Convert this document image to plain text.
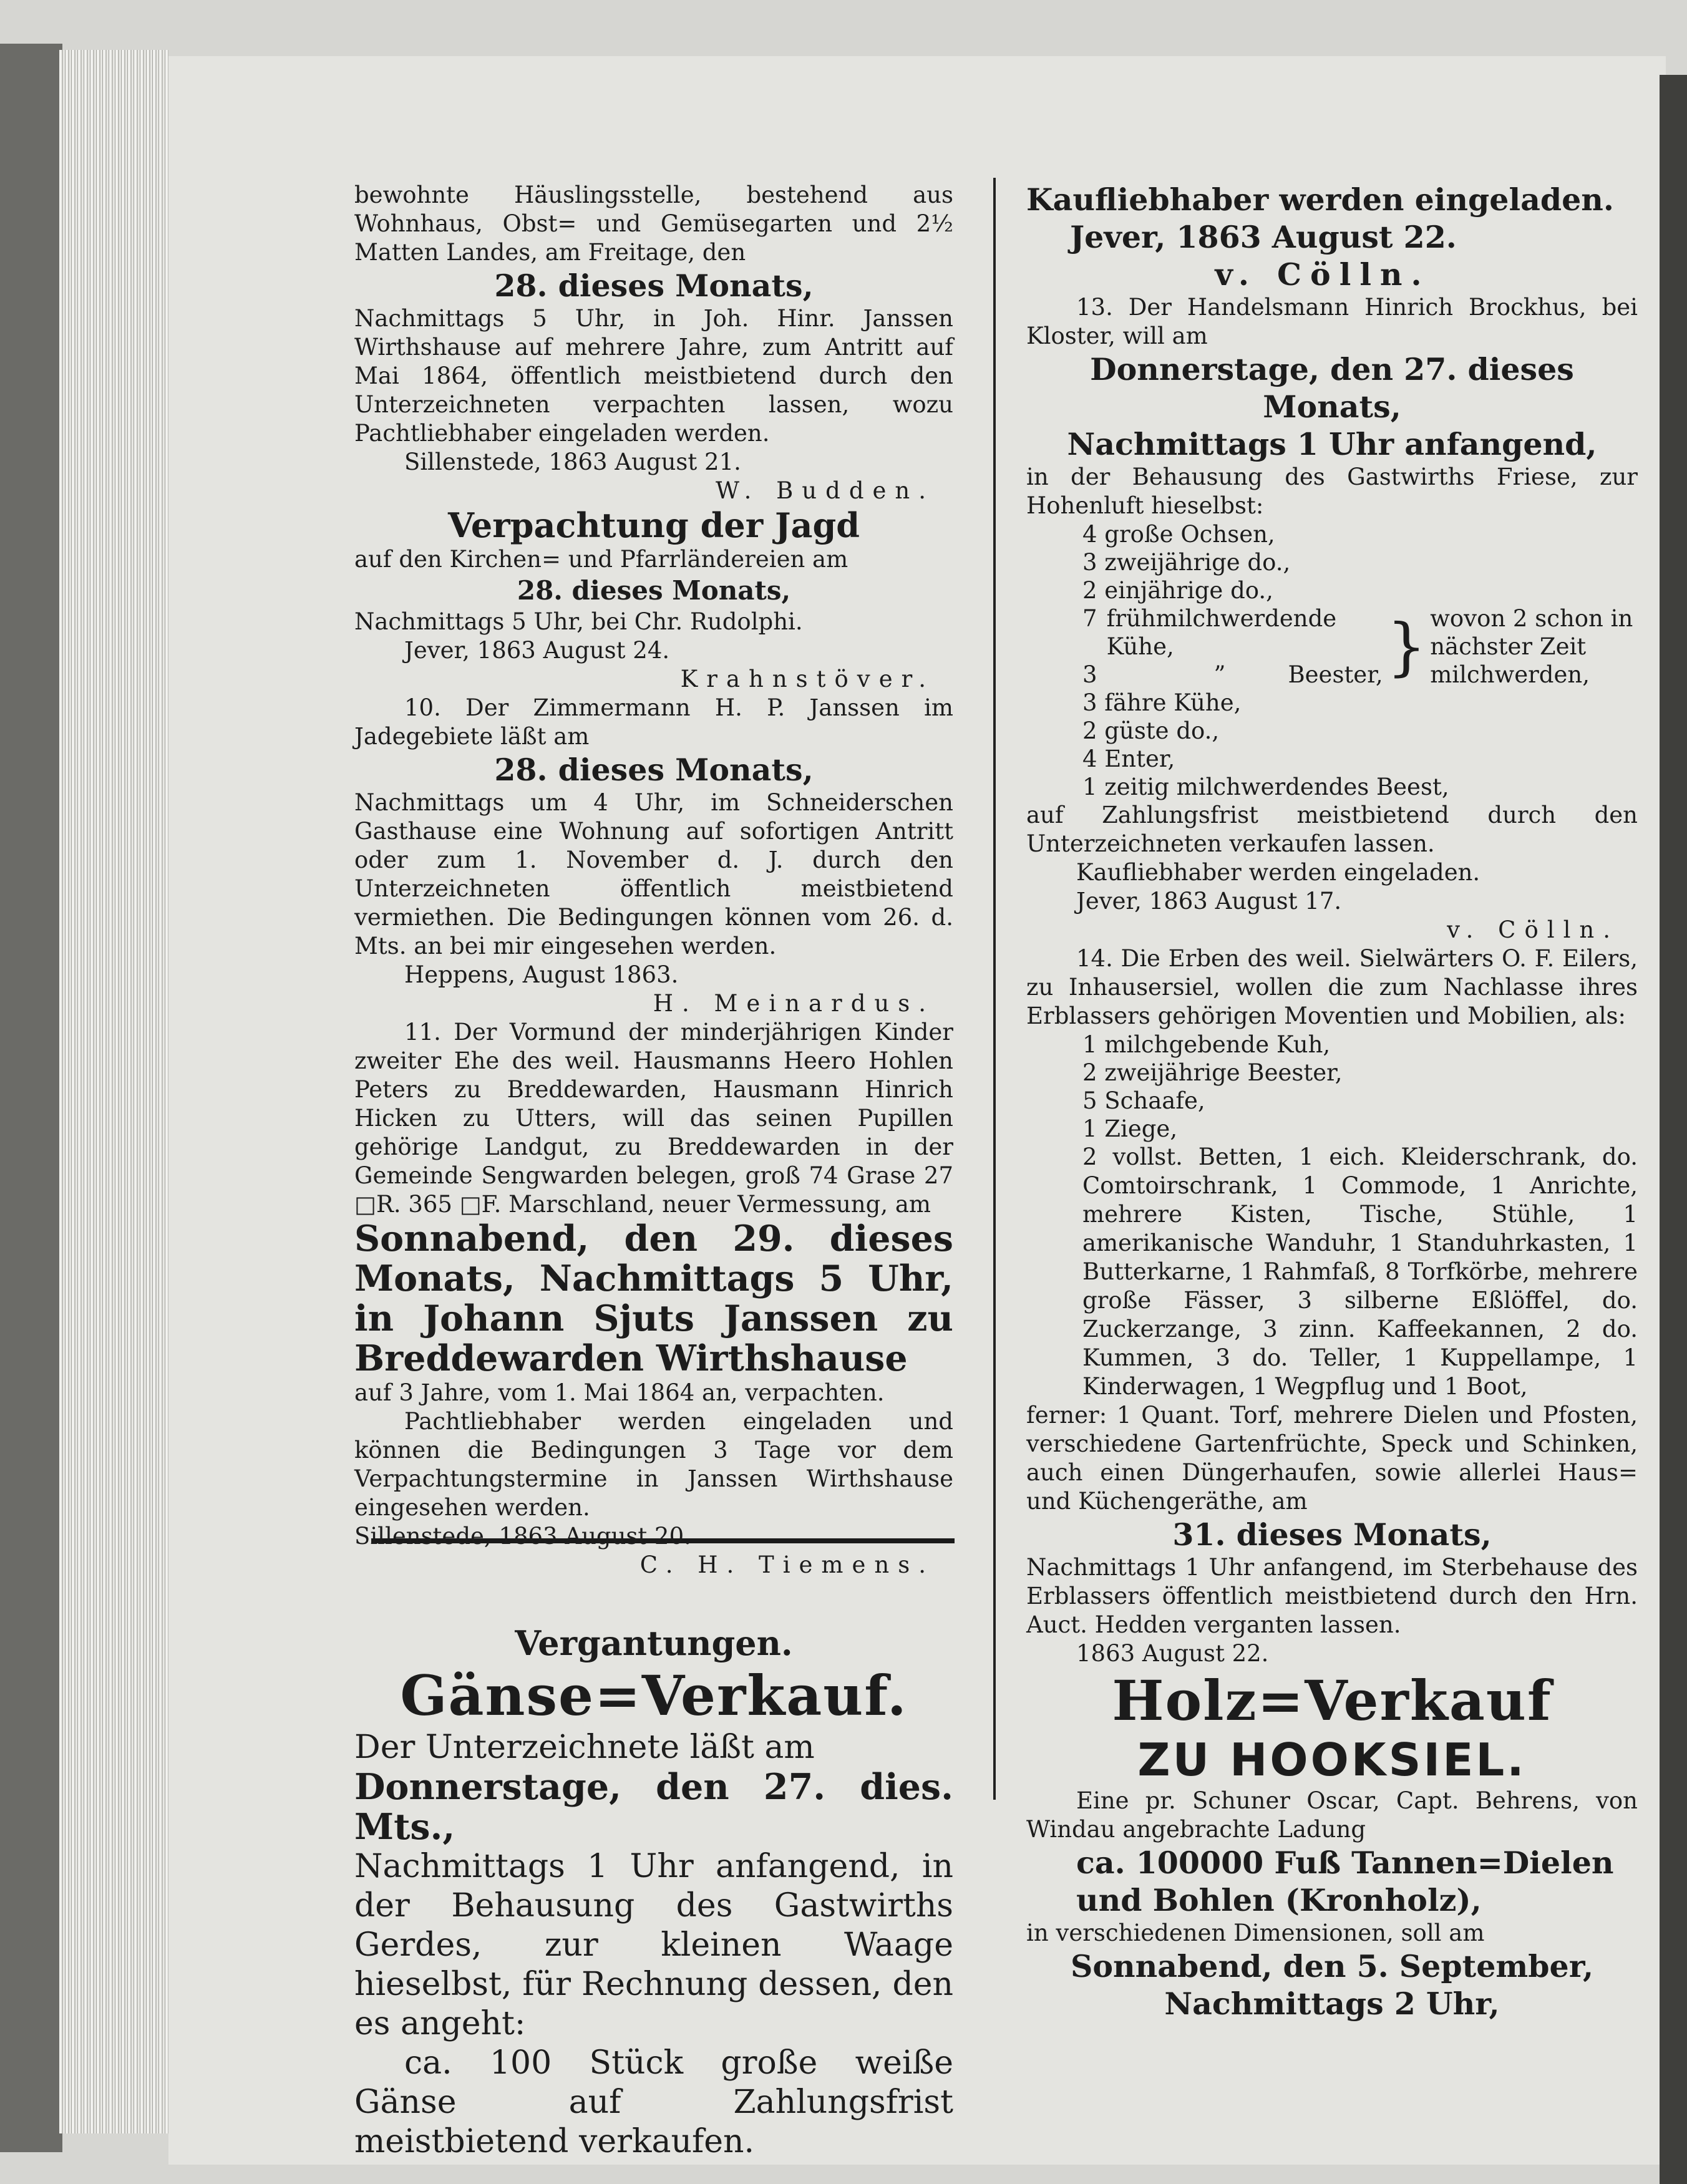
bewohnte Häuslingsstelle, bestehend aus Wohnhaus, Obst= und Gemüsegarten und 2½ Matten Landes, am Freitage, den

28. dieses Monats,

Nachmittags 5 Uhr, in Joh. Hinr. Janssen Wirthshause auf mehrere Jahre, zum Antritt auf Mai 1864, öffentlich meistbietend durch den Unterzeichneten verpachten lassen, wozu Pachtliebhaber eingeladen werden.

Sillenstede, 1863 August 21.

W. Budden.

Verpachtung der Jagd

auf den Kirchen= und Pfarrländereien am

28. dieses Monats,

Nachmittags 5 Uhr, bei Chr. Rudolphi.

Jever, 1863 August 24.

Krahnstöver.

10. Der Zimmermann H. P. Janssen im Jadegebiete läßt am

28. dieses Monats,

Nachmittags um 4 Uhr, im Schneiderschen Gasthause eine Wohnung auf sofortigen Antritt oder zum 1. November d. J. durch den Unterzeichneten öffentlich meistbietend vermiethen. Die Bedingungen können vom 26. d. Mts. an bei mir eingesehen werden.

Heppens, August 1863.

H. Meinardus.

11. Der Vormund der minderjährigen Kinder zweiter Ehe des weil. Hausmanns Heero Hohlen Peters zu Breddewarden, Hausmann Hinrich Hicken zu Utters, will das seinen Pupillen gehörige Landgut, zu Breddewarden in der Gemeinde Sengwarden belegen, groß 74 Grase 27 □R. 365 □F. Marschland, neuer Vermessung, am

Sonnabend, den 29. dieses Monats, Nachmittags 5 Uhr, in Johann Sjuts Janssen zu Breddewarden Wirthshause

auf 3 Jahre, vom 1. Mai 1864 an, verpachten.

Pachtliebhaber werden eingeladen und können die Bedingungen 3 Tage vor dem Verpachtungstermine in Janssen Wirthshause eingesehen werden.

Sillenstede, 1863 August 20.

C. H. Tiemens.

Vergantungen.

Gänse=Verkauf.

Der Unterzeichnete läßt am

Donnerstage, den 27. dies. Mts.,

Nachmittags 1 Uhr anfangend, in der Behausung des Gastwirths Gerdes, zur kleinen Waage hieselbst, für Rechnung dessen, den es angeht:

ca. 100 Stück große weiße Gänse auf Zahlungsfrist meistbietend verkaufen.

Kaufliebhaber werden eingeladen.

Jever, 1863 August 22.

v. Cölln.

13. Der Handelsmann Hinrich Brockhus, bei Kloster, will am

Donnerstage, den 27. dieses Monats,

Nachmittags 1 Uhr anfangend,

in der Behausung des Gastwirths Friese, zur Hohenluft hieselbst:

4 große Ochsen,
3 zweijährige do.,
2 einjährige do.,
7	frühmilchwerdende Kühe,	}	wovon 2 schon in nächster Zeit milchwerden,
3	” Beester,		
3 fähre Kühe,
2 güste do.,
4 Enter,
1 zeitig milchwerdendes Beest,

auf Zahlungsfrist meistbietend durch den Unterzeichneten verkaufen lassen.

Kaufliebhaber werden eingeladen.

Jever, 1863 August 17.

v. Cölln.

14. Die Erben des weil. Sielwärters O. F. Eilers, zu Inhausersiel, wollen die zum Nachlasse ihres Erblassers gehörigen Moventien und Mobilien, als:

1 milchgebende Kuh,
2 zweijährige Beester,
5 Schaafe,
1 Ziege,

2 vollst. Betten, 1 eich. Kleiderschrank, do. Comtoirschrank, 1 Commode, 1 Anrichte, mehrere Kisten, Tische, Stühle, 1 amerikanische Wanduhr, 1 Standuhrkasten, 1 Butterkarne, 1 Rahmfaß, 8 Torfkörbe, mehrere große Fässer, 3 silberne Eßlöffel, do. Zuckerzange, 3 zinn. Kaffeekannen, 2 do. Kummen, 3 do. Teller, 1 Kuppellampe, 1 Kinderwagen, 1 Wegpflug und 1 Boot,

ferner: 1 Quant. Torf, mehrere Dielen und Pfosten, verschiedene Gartenfrüchte, Speck und Schinken, auch einen Düngerhaufen, sowie allerlei Haus= und Küchengeräthe, am

31. dieses Monats,

Nachmittags 1 Uhr anfangend, im Sterbehause des Erblassers öffentlich meistbietend durch den Hrn. Auct. Hedden verganten lassen.

1863 August 22.

Holz=Verkauf

ZU HOOKSIEL.

Eine pr. Schuner Oscar, Capt. Behrens, von Windau angebrachte Ladung

ca. 100000 Fuß Tannen=Dielen und Bohlen (Kronholz),

in verschiedenen Dimensionen, soll am

Sonnabend, den 5. September,

Nachmittags 2 Uhr,
